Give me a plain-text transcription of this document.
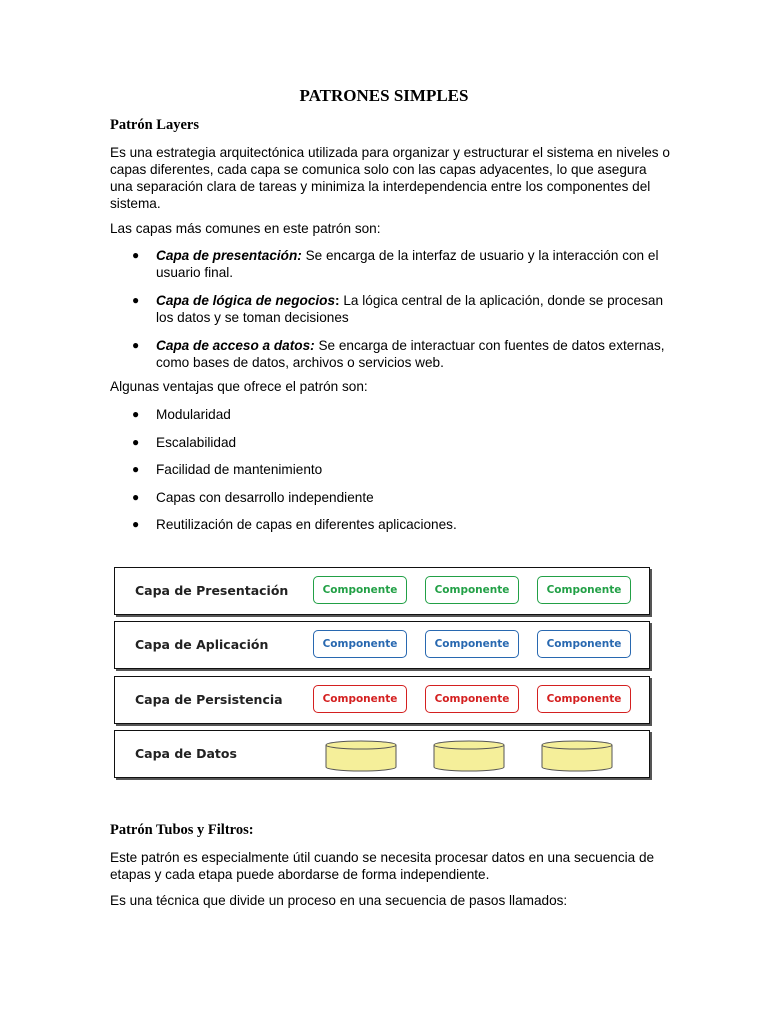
PATRONES SIMPLES
Patrón Layers
Es una estrategia arquitectónica utilizada para organizar y estructurar el sistema en niveles o capas diferentes, cada capa se comunica solo con las capas adyacentes, lo que asegura una separación clara de tareas y minimiza la interdependencia entre los componentes del sistema.
Las capas más comunes en este patrón son:
● Capa de presentación: Se encarga de la interfaz de usuario y la interacción con el usuario final.
● Capa de lógica de negocios: La lógica central de la aplicación, donde se procesan los datos y se toman decisiones
● Capa de acceso a datos: Se encarga de interactuar con fuentes de datos externas, como bases de datos, archivos o servicios web.
Algunas ventajas que ofrece el patrón son:
● Modularidad
● Escalabilidad
● Facilidad de mantenimiento
● Capas con desarrollo independiente
● Reutilización de capas en diferentes aplicaciones.
Capa de Presentación	Componente	Componente	Componente
Capa de Aplicación	Componente	Componente	Componente
Capa de Persistencia	Componente	Componente	Componente
Capa de Datos
Patrón Tubos y Filtros:
Este patrón es especialmente útil cuando se necesita procesar datos en una secuencia de etapas y cada etapa puede abordarse de forma independiente.
Es una técnica que divide un proceso en una secuencia de pasos llamados:
